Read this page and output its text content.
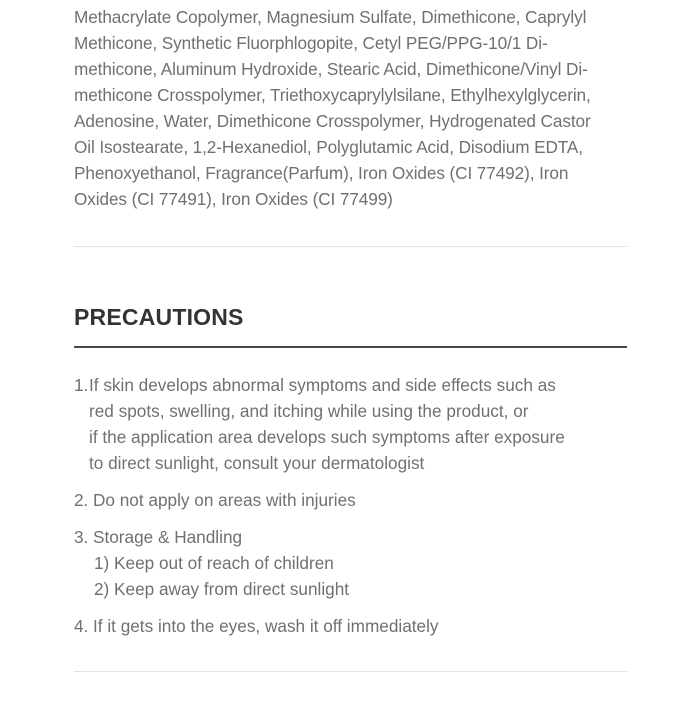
Methacrylate Copolymer, Magnesium Sulfate, Dimethicone, Caprylyl
Methicone, Synthetic Fluorphlogopite, Cetyl PEG/PPG-10/1 Di-
methicone, Aluminum Hydroxide, Stearic Acid, Dimethicone/Vinyl Di-
methicone Crosspolymer, Triethoxycaprylylsilane, Ethylhexylglycerin,
Adenosine, Water, Dimethicone Crosspolymer, Hydrogenated Castor
Oil Isostearate, 1,2-Hexanediol, Polyglutamic Acid, Disodium EDTA,
Phenoxyethanol, Fragrance(Parfum), Iron Oxides (CI 77492), Iron
Oxides (CI 77491), Iron Oxides (CI 77499)
PRECAUTIONS
1. If skin develops abnormal symptoms and side effects such as
red spots, swelling, and itching while using the product, or
if the application area develops such symptoms after exposure
to direct sunlight, consult your dermatologist
2. Do not apply on areas with injuries
3. Storage & Handling
1) Keep out of reach of children
2) Keep away from direct sunlight
4. If it gets into the eyes, wash it off immediately
